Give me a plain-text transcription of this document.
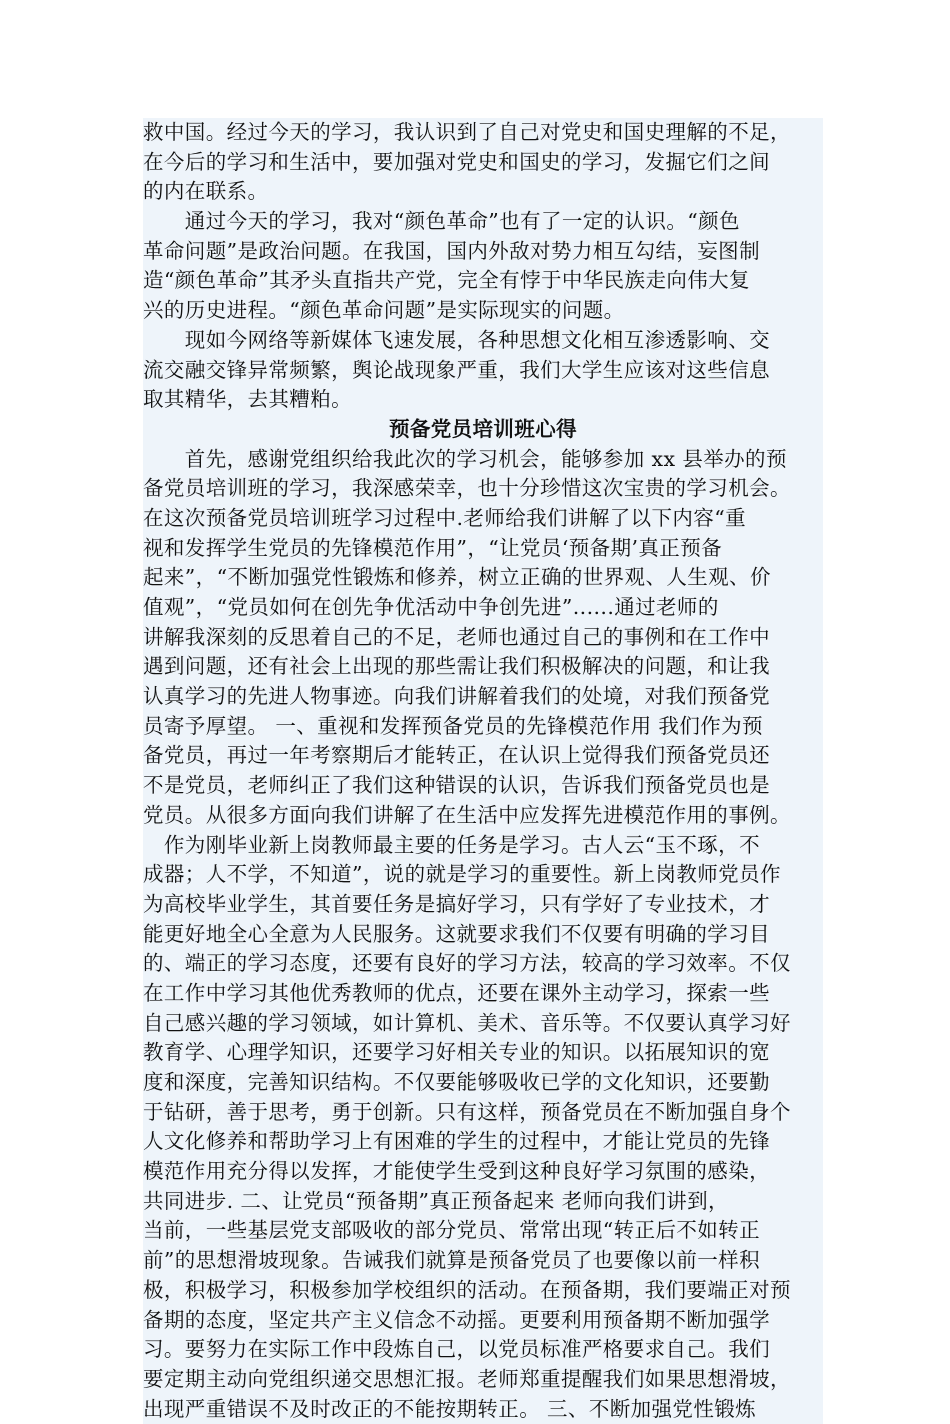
救中国。经过今天的学习，我认识到了自己对党史和国史理解的不足，
在今后的学习和生活中，要加强对党史和国史的学习，发掘它们之间
的内在联系。
　　通过今天的学习，我对“颜色革命”也有了一定的认识。“颜色
革命问题”是政治问题。在我国，国内外敌对势力相互勾结，妄图制
造“颜色革命”其矛头直指共产党，完全有悖于中华民族走向伟大复
兴的历史进程。“颜色革命问题”是实际现实的问题。
　　现如今网络等新媒体飞速发展，各种思想文化相互渗透影响、交
流交融交锋异常频繁，舆论战现象严重，我们大学生应该对这些信息
取其精华，去其糟粕。
预备党员培训班心得
　　首先，感谢党组织给我此次的学习机会，能够参加 xx 县举办的预
备党员培训班的学习，我深感荣幸，也十分珍惜这次宝贵的学习机会。
在这次预备党员培训班学习过程中.老师给我们讲解了以下内容“重
视和发挥学生党员的先锋模范作用”，“让党员‘预备期’真正预备
起来”，“不断加强党性锻炼和修养，树立正确的世界观、人生观、价
值观”，“党员如何在创先争优活动中争创先进”......通过老师的
讲解我深刻的反思着自己的不足，老师也通过自己的事例和在工作中
遇到问题，还有社会上出现的那些需让我们积极解决的问题，和让我
认真学习的先进人物事迹。向我们讲解着我们的处境，对我们预备党
员寄予厚望。 一、重视和发挥预备党员的先锋模范作用 我们作为预
备党员，再过一年考察期后才能转正，在认识上觉得我们预备党员还
不是党员，老师纠正了我们这种错误的认识，告诉我们预备党员也是
党员。从很多方面向我们讲解了在生活中应发挥先进模范作用的事例。
　作为刚毕业新上岗教师最主要的任务是学习。古人云“玉不琢，不
成器；人不学，不知道”，说的就是学习的重要性。新上岗教师党员作
为高校毕业学生，其首要任务是搞好学习，只有学好了专业技术，才
能更好地全心全意为人民服务。这就要求我们不仅要有明确的学习目
的、端正的学习态度，还要有良好的学习方法，较高的学习效率。不仅
在工作中学习其他优秀教师的优点，还要在课外主动学习，探索一些
自己感兴趣的学习领域，如计算机、美术、音乐等。不仅要认真学习好
教育学、心理学知识，还要学习好相关专业的知识。以拓展知识的宽
度和深度，完善知识结构。不仅要能够吸收已学的文化知识，还要勤
于钻研，善于思考，勇于创新。只有这样，预备党员在不断加强自身个
人文化修养和帮助学习上有困难的学生的过程中，才能让党员的先锋
模范作用充分得以发挥，才能使学生受到这种良好学习氛围的感染，
共同进步. 二、让党员“预备期”真正预备起来 老师向我们讲到，
当前，一些基层党支部吸收的部分党员、常常出现“转正后不如转正
前”的思想滑坡现象。告诫我们就算是预备党员了也要像以前一样积
极，积极学习，积极参加学校组织的活动。在预备期，我们要端正对预
备期的态度，坚定共产主义信念不动摇。更要利用预备期不断加强学
习。要努力在实际工作中段炼自己，以党员标准严格要求自己。我们
要定期主动向党组织递交思想汇报。老师郑重提醒我们如果思想滑坡，
出现严重错误不及时改正的不能按期转正。 三、不断加强党性锻炼
